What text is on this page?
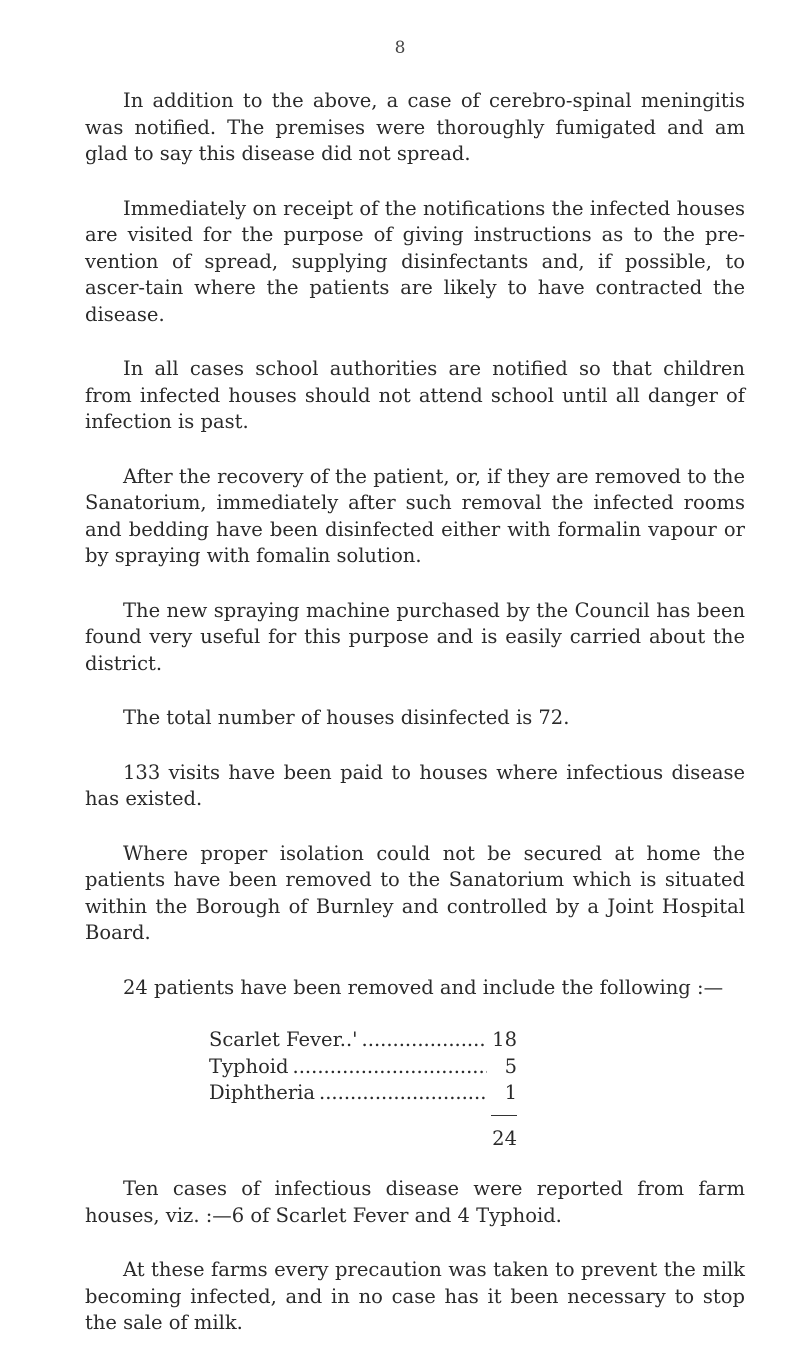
8

In addition to the above, a case of cerebro-spinal meningitis was notified. The premises were thoroughly fumigated and am glad to say this disease did not spread.

Immediately on receipt of the notifications the infected houses are visited for the purpose of giving instructions as to the pre-vention of spread, supplying disinfectants and, if possible, to ascer-tain where the patients are likely to have contracted the disease.

In all cases school authorities are notified so that children from infected houses should not attend school until all danger of infection is past.

After the recovery of the patient, or, if they are removed to the Sanatorium, immediately after such removal the infected rooms and bedding have been disinfected either with formalin vapour or by spraying with fomalin solution.

The new spraying machine purchased by the Council has been found very useful for this purpose and is easily carried about the district.

The total number of houses disinfected is 72.

133 visits have been paid to houses where infectious disease has existed.

Where proper isolation could not be secured at home the patients have been removed to the Sanatorium which is situated within the Borough of Burnley and controlled by a Joint Hospital Board.

24 patients have been removed and include the following :—

Scarlet Fever..' .....	18
Typhoid .....	5
Diphtheria .....	1
24

Ten cases of infectious disease were reported from farm houses, viz. :—6 of Scarlet Fever and 4 Typhoid.

At these farms every precaution was taken to prevent the milk becoming infected, and in no case has it been necessary to stop the sale of milk.
